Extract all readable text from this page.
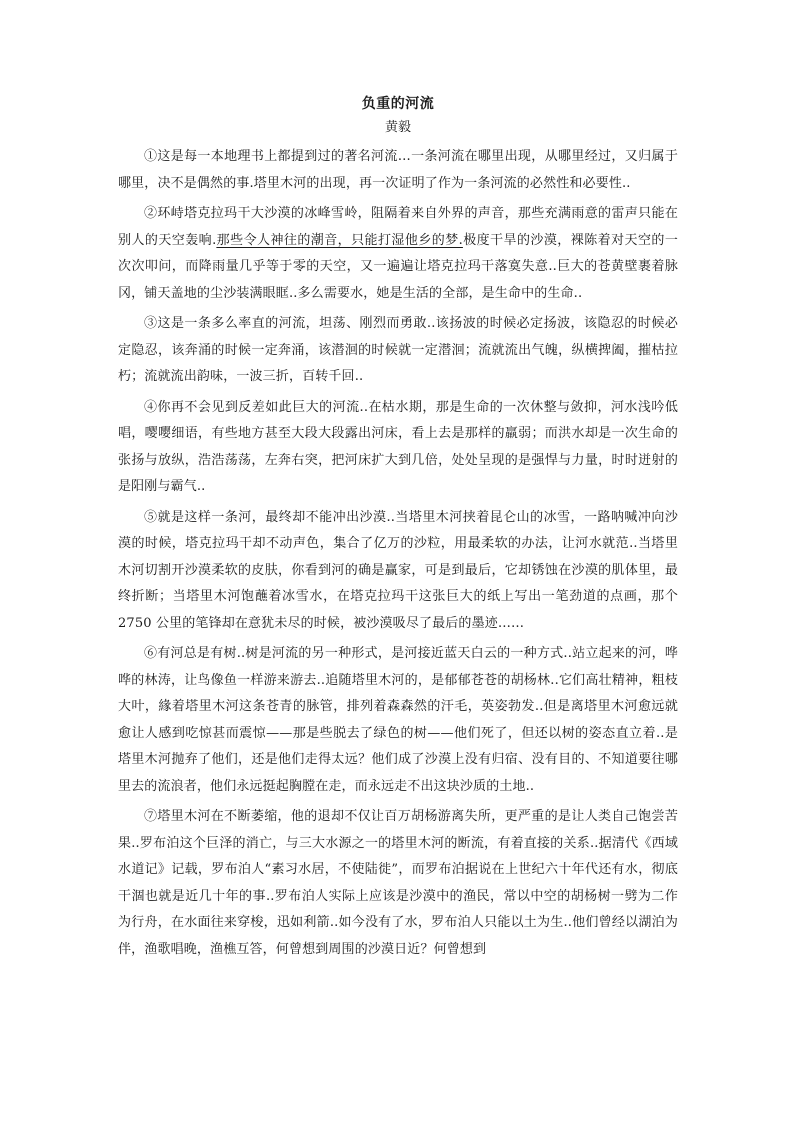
负重的河流
黄毅

①这是每一本地理书上都提到过的著名河流…一条河流在哪里出现，从哪里经过，又归属于哪里，决不是偶然的事.塔里木河的出现，再一次证明了作为一条河流的必然性和必要性..

②环峙塔克拉玛干大沙漠的冰峰雪岭，阻隔着来自外界的声音，那些充满雨意的雷声只能在别人的天空轰响.那些令人神往的潮音，只能打湿他乡的梦.极度干旱的沙漠，裸陈着对天空的一次次叩问，而降雨量几乎等于零的天空，又一遍遍让塔克拉玛干落寞失意..巨大的苍黄壁裹着脉冈，铺天盖地的尘沙装满眼眶..多么需要水，她是生活的全部，是生命中的生命..

③这是一条多么率直的河流，坦荡、刚烈而勇敢..该扬波的时候必定扬波，该隐忍的时候必定隐忍，该奔涌的时候一定奔涌，该潜洄的时候就一定潜洄；流就流出气魄，纵横捭阖，摧枯拉朽；流就流出韵味，一波三折，百转千回..

④你再不会见到反差如此巨大的河流..在枯水期，那是生命的一次休整与敛抑，河水浅吟低唱，嘤嘤细语，有些地方甚至大段大段露出河床，看上去是那样的羸弱；而洪水却是一次生命的张扬与放纵，浩浩荡荡，左奔右突，把河床扩大到几倍，处处呈现的是强悍与力量，时时迸射的是阳刚与霸气..

⑤就是这样一条河，最终却不能冲出沙漠..当塔里木河挟着昆仑山的冰雪，一路呐喊冲向沙漠的时候，塔克拉玛干却不动声色，集合了亿万的沙粒，用最柔软的办法，让河水就范..当塔里木河切割开沙漠柔软的皮肤，你看到河的确是赢家，可是到最后，它却锈蚀在沙漠的肌体里，最终折断；当塔里木河饱蘸着冰雪水，在塔克拉玛干这张巨大的纸上写出一笔劲道的点画，那个 2750 公里的笔锋却在意犹未尽的时候，被沙漠吸尽了最后的墨迹……

⑥有河总是有树..树是河流的另一种形式，是河接近蓝天白云的一种方式..站立起来的河，哗哗的林涛，让鸟像鱼一样游来游去..追随塔里木河的，是郁郁苍苍的胡杨林..它们高壮精神，粗枝大叶，緣着塔里木河这条苍青的脉管，排列着森森然的汗毛，英姿勃发..但是离塔里木河愈远就愈让人感到吃惊甚而震惊——那是些脱去了绿色的树——他们死了，但还以树的姿态直立着..是塔里木河抛弃了他们，还是他们走得太远？他们成了沙漠上没有归宿、没有目的、不知道要往哪里去的流浪者，他们永远挺起胸膛在走，而永远走不出这块沙质的土地..

⑦塔里木河在不断萎缩，他的退却不仅让百万胡杨游离失所，更严重的是让人类自己饱尝苦果..罗布泊这个巨泽的消亡，与三大水源之一的塔里木河的断流，有着直接的关系..据清代《西域水道记》记载，罗布泊人“素习水居，不使陆徙”，而罗布泊据说在上世纪六十年代还有水，彻底干涸也就是近几十年的事..罗布泊人实际上应该是沙漠中的渔民，常以中空的胡杨树一劈为二作为行舟，在水面往来穿梭，迅如利箭..如今没有了水，罗布泊人只能以土为生..他们曾经以湖泊为伴，渔歌唱晚，渔樵互答，何曾想到周围的沙漠日近？何曾想到
